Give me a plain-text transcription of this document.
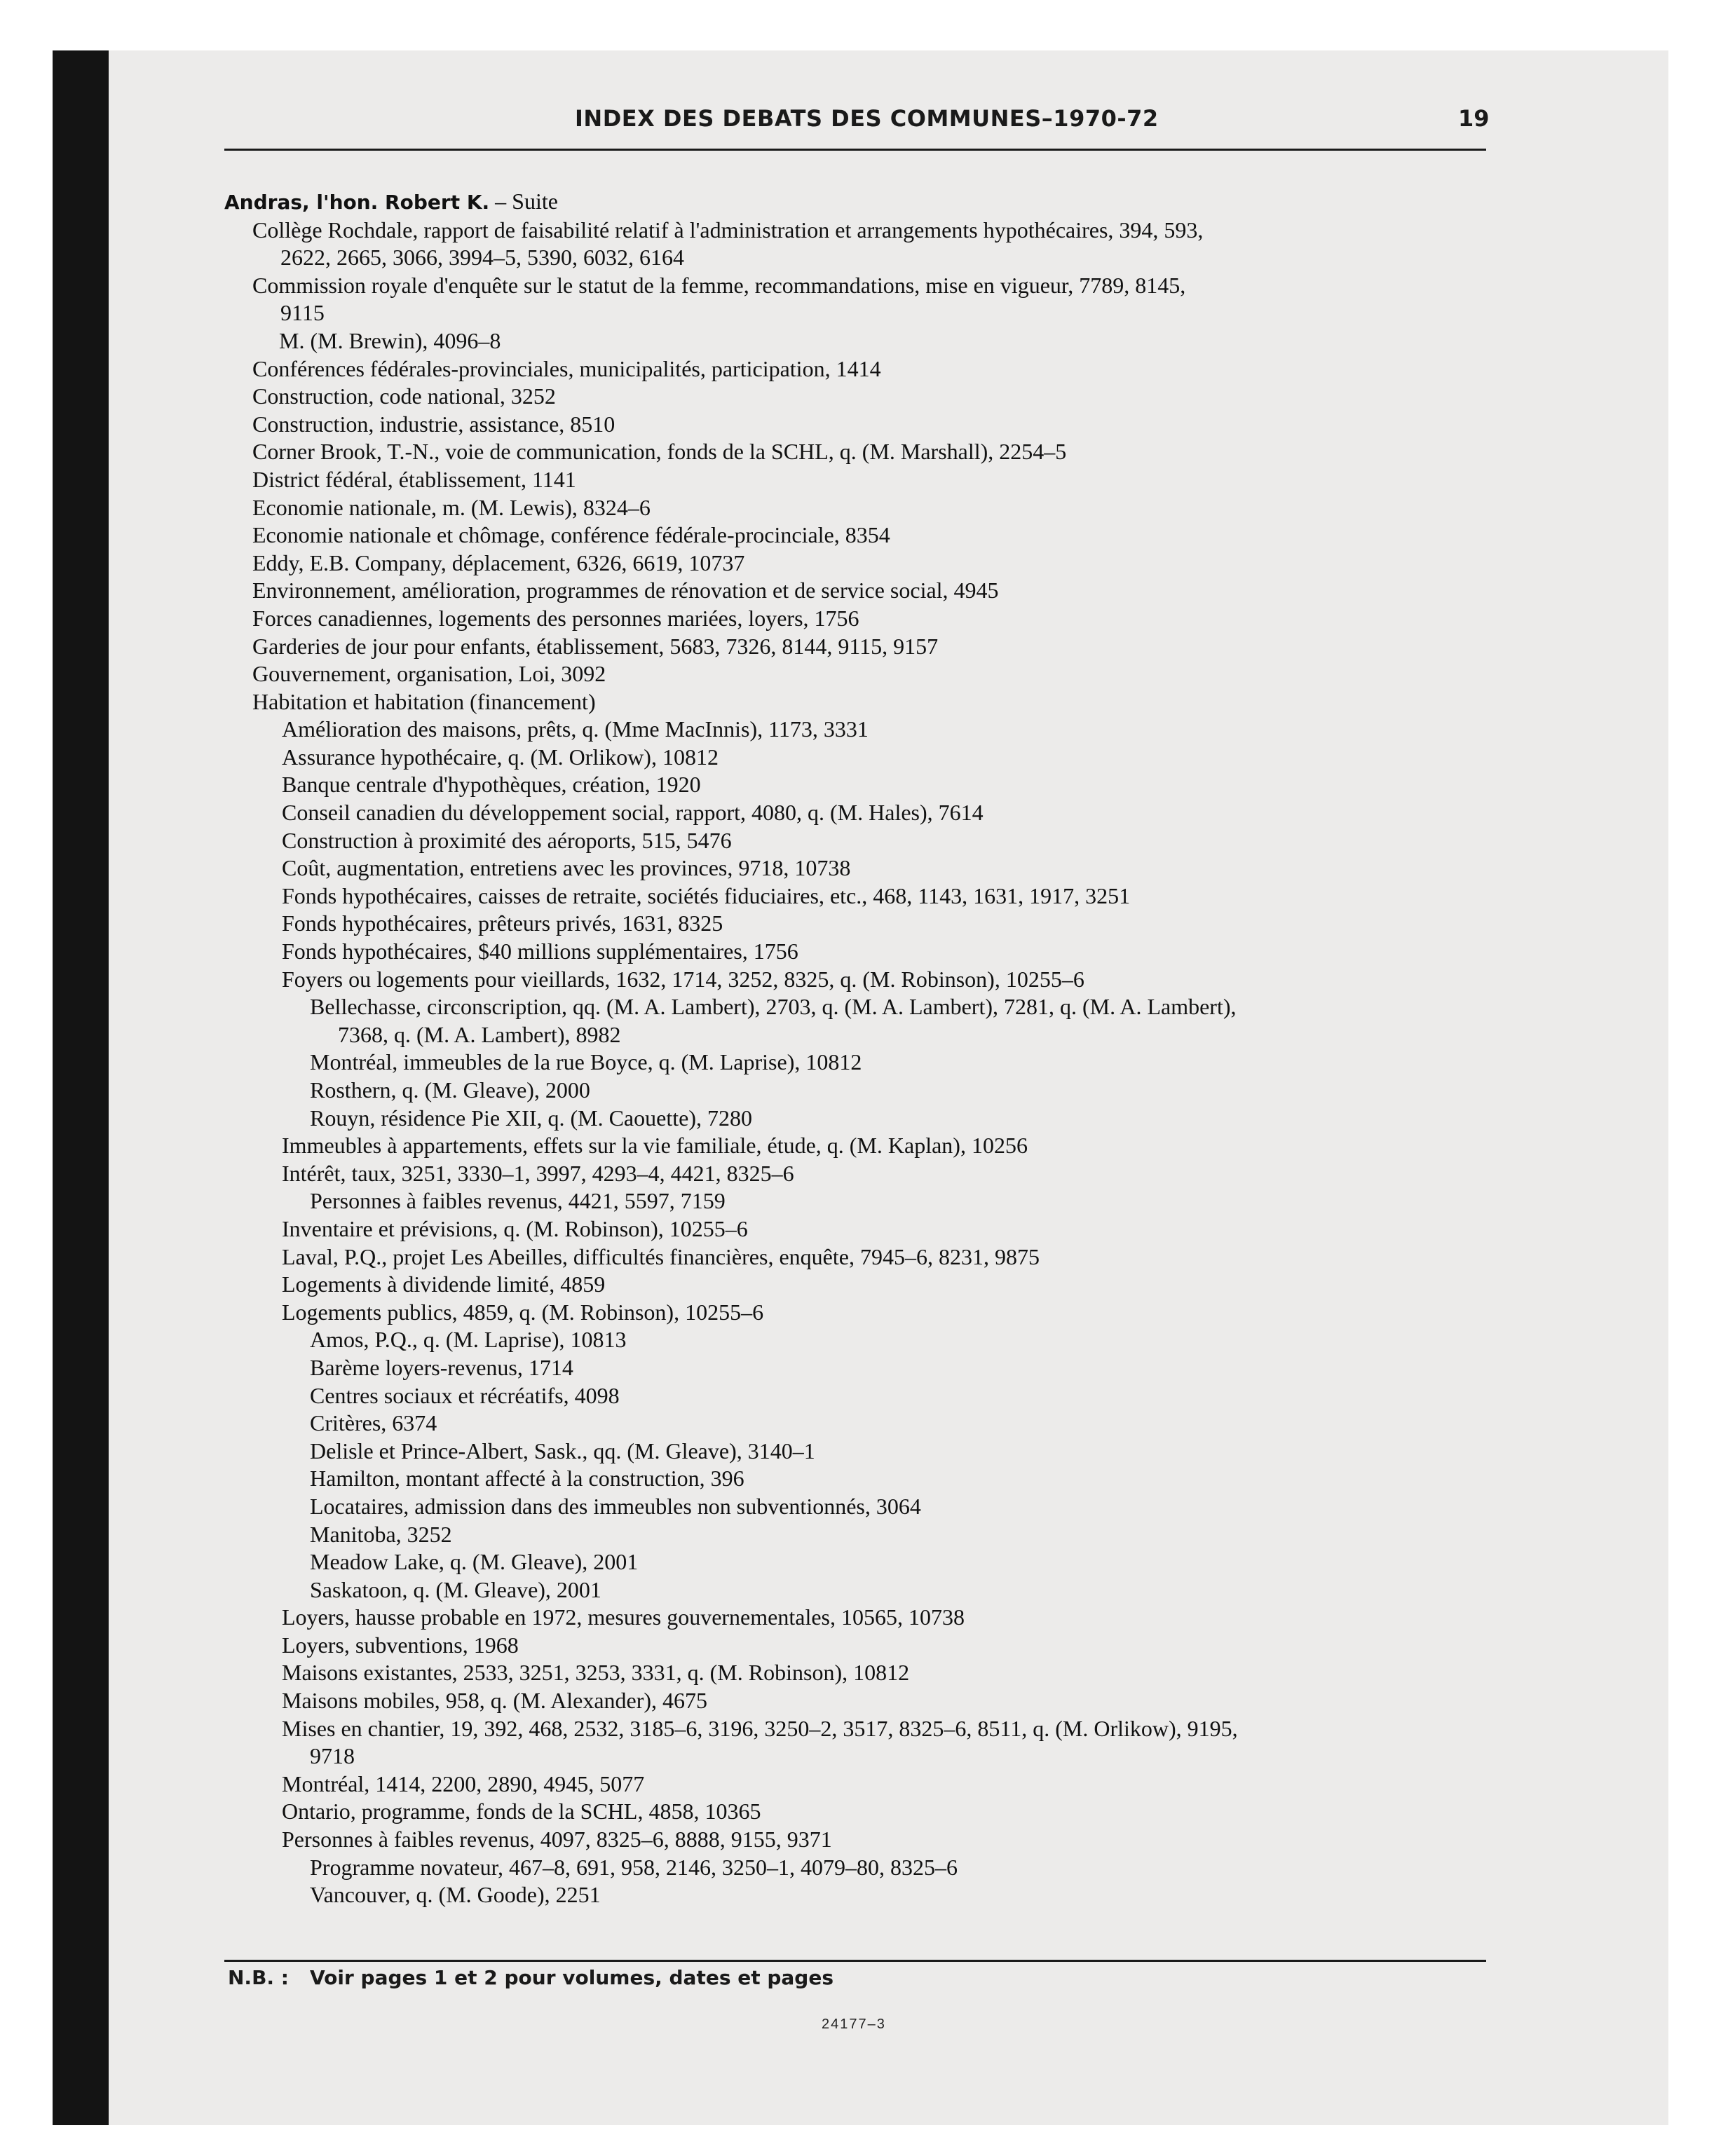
INDEX DES DEBATS DES COMMUNES–1970-72	19
Andras, l'hon. Robert K. – Suite
Collège Rochdale, rapport de faisabilité relatif à l'administration et arrangements hypothécaires, 394, 593,
2622, 2665, 3066, 3994–5, 5390, 6032, 6164
Commission royale d'enquête sur le statut de la femme, recommandations, mise en vigueur, 7789, 8145,
9115
M. (M. Brewin), 4096–8
Conférences fédérales-provinciales, municipalités, participation, 1414
Construction, code national, 3252
Construction, industrie, assistance, 8510
Corner Brook, T.-N., voie de communication, fonds de la SCHL, q. (M. Marshall), 2254–5
District fédéral, établissement, 1141
Economie nationale, m. (M. Lewis), 8324–6
Economie nationale et chômage, conférence fédérale-procinciale, 8354
Eddy, E.B. Company, déplacement, 6326, 6619, 10737
Environnement, amélioration, programmes de rénovation et de service social, 4945
Forces canadiennes, logements des personnes mariées, loyers, 1756
Garderies de jour pour enfants, établissement, 5683, 7326, 8144, 9115, 9157
Gouvernement, organisation, Loi, 3092
Habitation et habitation (financement)
Amélioration des maisons, prêts, q. (Mme MacInnis), 1173, 3331
Assurance hypothécaire, q. (M. Orlikow), 10812
Banque centrale d'hypothèques, création, 1920
Conseil canadien du développement social, rapport, 4080, q. (M. Hales), 7614
Construction à proximité des aéroports, 515, 5476
Coût, augmentation, entretiens avec les provinces, 9718, 10738
Fonds hypothécaires, caisses de retraite, sociétés fiduciaires, etc., 468, 1143, 1631, 1917, 3251
Fonds hypothécaires, prêteurs privés, 1631, 8325
Fonds hypothécaires, $40 millions supplémentaires, 1756
Foyers ou logements pour vieillards, 1632, 1714, 3252, 8325, q. (M. Robinson), 10255–6
Bellechasse, circonscription, qq. (M. A. Lambert), 2703, q. (M. A. Lambert), 7281, q. (M. A. Lambert),
7368, q. (M. A. Lambert), 8982
Montréal, immeubles de la rue Boyce, q. (M. Laprise), 10812
Rosthern, q. (M. Gleave), 2000
Rouyn, résidence Pie XII, q. (M. Caouette), 7280
Immeubles à appartements, effets sur la vie familiale, étude, q. (M. Kaplan), 10256
Intérêt, taux, 3251, 3330–1, 3997, 4293–4, 4421, 8325–6
Personnes à faibles revenus, 4421, 5597, 7159
Inventaire et prévisions, q. (M. Robinson), 10255–6
Laval, P.Q., projet Les Abeilles, difficultés financières, enquête, 7945–6, 8231, 9875
Logements à dividende limité, 4859
Logements publics, 4859, q. (M. Robinson), 10255–6
Amos, P.Q., q. (M. Laprise), 10813
Barème loyers-revenus, 1714
Centres sociaux et récréatifs, 4098
Critères, 6374
Delisle et Prince-Albert, Sask., qq. (M. Gleave), 3140–1
Hamilton, montant affecté à la construction, 396
Locataires, admission dans des immeubles non subventionnés, 3064
Manitoba, 3252
Meadow Lake, q. (M. Gleave), 2001
Saskatoon, q. (M. Gleave), 2001
Loyers, hausse probable en 1972, mesures gouvernementales, 10565, 10738
Loyers, subventions, 1968
Maisons existantes, 2533, 3251, 3253, 3331, q. (M. Robinson), 10812
Maisons mobiles, 958, q. (M. Alexander), 4675
Mises en chantier, 19, 392, 468, 2532, 3185–6, 3196, 3250–2, 3517, 8325–6, 8511, q. (M. Orlikow), 9195,
9718
Montréal, 1414, 2200, 2890, 4945, 5077
Ontario, programme, fonds de la SCHL, 4858, 10365
Personnes à faibles revenus, 4097, 8325–6, 8888, 9155, 9371
Programme novateur, 467–8, 691, 958, 2146, 3250–1, 4079–80, 8325–6
Vancouver, q. (M. Goode), 2251
N.B. : Voir pages 1 et 2 pour volumes, dates et pages
24177–3
